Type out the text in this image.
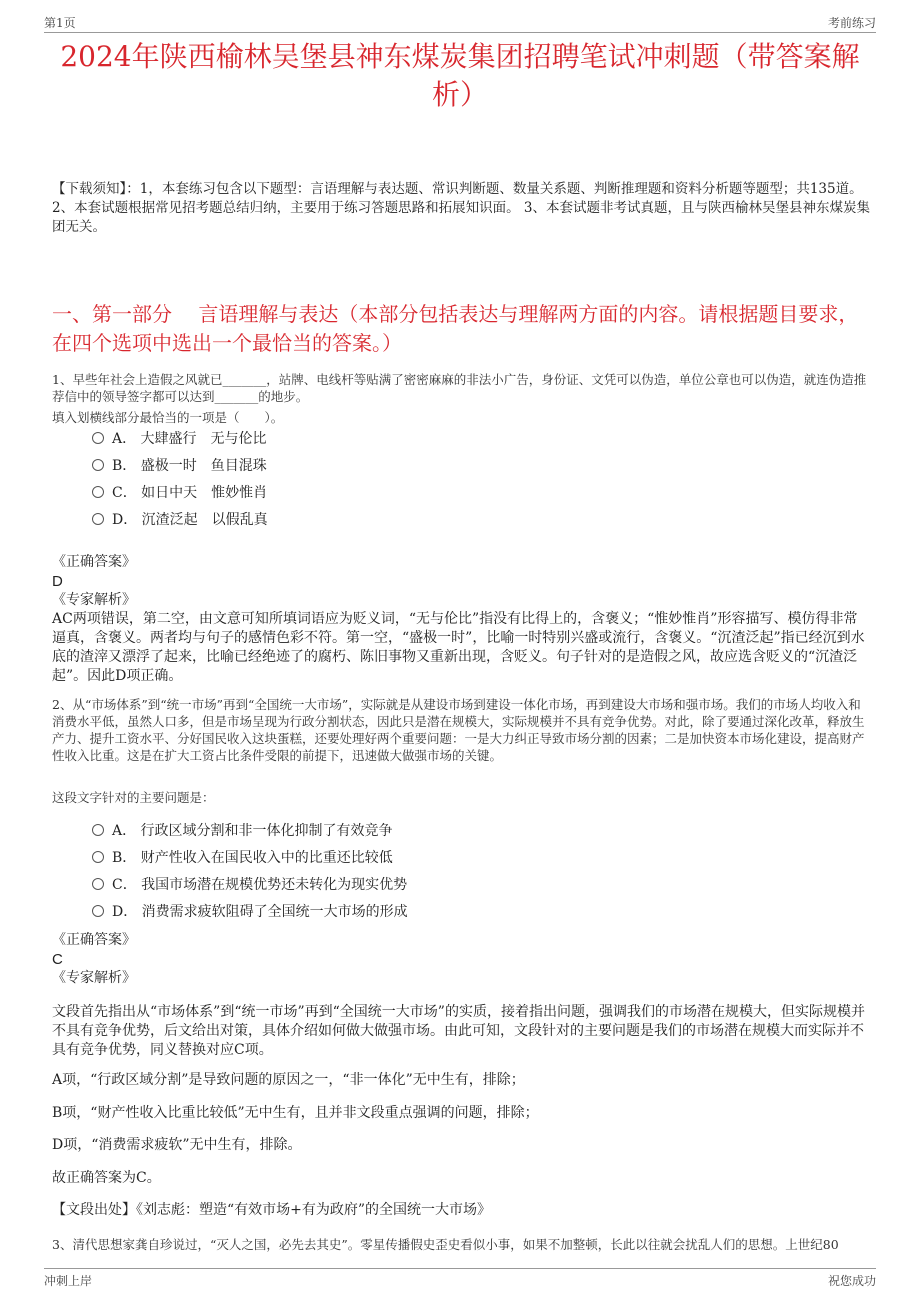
第1页	考前练习
2024年陕西榆林吴堡县神东煤炭集团招聘笔试冲刺题（带答案解析）
【下载须知】：1，本套练习包含以下题型：言语理解与表达题、常识判断题、数量关系题、判断推理题和资料分析题等题型；共135道。 2、本套试题根据常见招考题总结归纳，主要用于练习答题思路和拓展知识面。 3、本套试题非考试真题，且与陕西榆林吴堡县神东煤炭集团无关。
一、第一部分　 言语理解与表达（本部分包括表达与理解两方面的内容。请根据题目要求，在四个选项中选出一个最恰当的答案。）
1、早些年社会上造假之风就已_______，站牌、电线杆等贴满了密密麻麻的非法小广告，身份证、文凭可以伪造，单位公章也可以伪造，就连伪造推荐信中的领导签字都可以达到_______的地步。
填入划横线部分最恰当的一项是（　　）。
A． 大肆盛行　无与伦比
B． 盛极一时　鱼目混珠
C． 如日中天　惟妙惟肖
D． 沉渣泛起　以假乱真
《正确答案》
D
《专家解析》
AC两项错误，第二空，由文意可知所填词语应为贬义词，“无与伦比”指没有比得上的，含褒义；“惟妙惟肖”形容描写、模仿得非常逼真，含褒义。两者均与句子的感情色彩不符。第一空，“盛极一时”，比喻一时特别兴盛或流行，含褒义。“沉渣泛起”指已经沉到水底的渣滓又漂浮了起来，比喻已经绝迹了的腐朽、陈旧事物又重新出现，含贬义。句子针对的是造假之风，故应选含贬义的“沉渣泛起”。因此D项正确。
2、从“市场体系”到“统一市场”再到“全国统一大市场”，实际就是从建设市场到建设一体化市场，再到建设大市场和强市场。我们的市场人均收入和消费水平低，虽然人口多，但是市场呈现为行政分割状态，因此只是潜在规模大，实际规模并不具有竞争优势。对此，除了要通过深化改革，释放生产力、提升工资水平、分好国民收入这块蛋糕，还要处理好两个重要问题：一是大力纠正导致市场分割的因素；二是加快资本市场化建设，提高财产性收入比重。这是在扩大工资占比条件受限的前提下，迅速做大做强市场的关键。
这段文字针对的主要问题是：
A． 行政区域分割和非一体化抑制了有效竞争
B． 财产性收入在国民收入中的比重还比较低
C． 我国市场潜在规模优势还未转化为现实优势
D． 消费需求疲软阻碍了全国统一大市场的形成
《正确答案》
C
《专家解析》
文段首先指出从“市场体系”到“统一市场”再到“全国统一大市场”的实质，接着指出问题，强调我们的市场潜在规模大，但实际规模并不具有竞争优势，后文给出对策，具体介绍如何做大做强市场。由此可知，文段针对的主要问题是我们的市场潜在规模大而实际并不具有竞争优势，同义替换对应C项。
A项，“行政区域分割”是导致问题的原因之一，“非一体化”无中生有，排除；
B项，“财产性收入比重比较低”无中生有，且并非文段重点强调的问题，排除；
D项，“消费需求疲软”无中生有，排除。
故正确答案为C。
【文段出处】《刘志彪：塑造“有效市场+有为政府”的全国统一大市场》
3、清代思想家龚自珍说过，“灭人之国，必先去其史”。零星传播假史歪史看似小事，如果不加整顿，长此以往就会扰乱人们的思想。上世纪80
冲刺上岸	祝您成功
